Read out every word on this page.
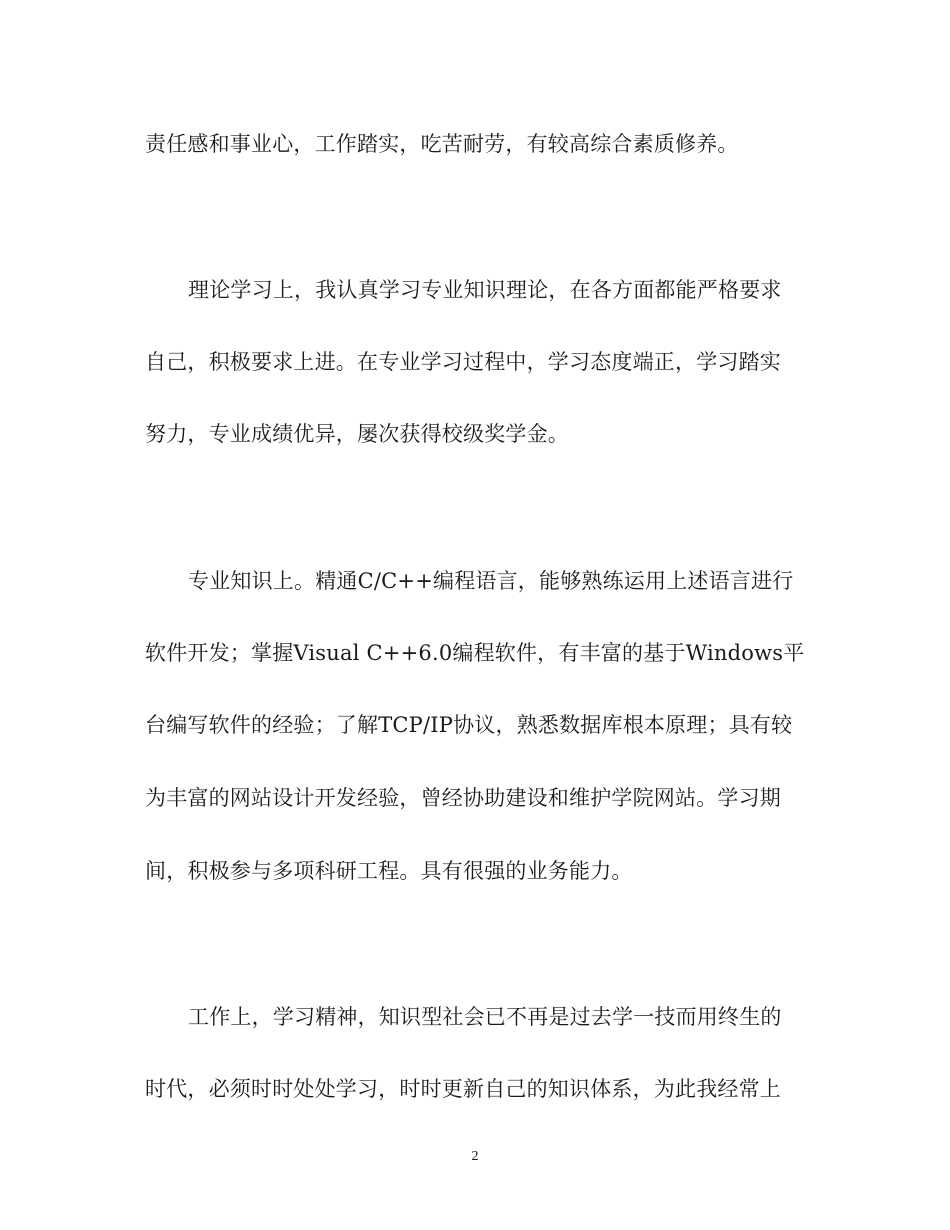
责任感和事业心，工作踏实，吃苦耐劳，有较高综合素质修养。
理论学习上，我认真学习专业知识理论，在各方面都能严格要求
自己，积极要求上进。在专业学习过程中，学习态度端正，学习踏实
努力，专业成绩优异，屡次获得校级奖学金。
专业知识上。精通C/C++编程语言，能够熟练运用上述语言进行
软件开发；掌握Visual C++6.0编程软件，有丰富的基于Windows平
台编写软件的经验；了解TCP/IP协议，熟悉数据库根本原理；具有较
为丰富的网站设计开发经验，曾经协助建设和维护学院网站。学习期
间，积极参与多项科研工程。具有很强的业务能力。
工作上，学习精神，知识型社会已不再是过去学一技而用终生的
时代，必须时时处处学习，时时更新自己的知识体系，为此我经常上
2
